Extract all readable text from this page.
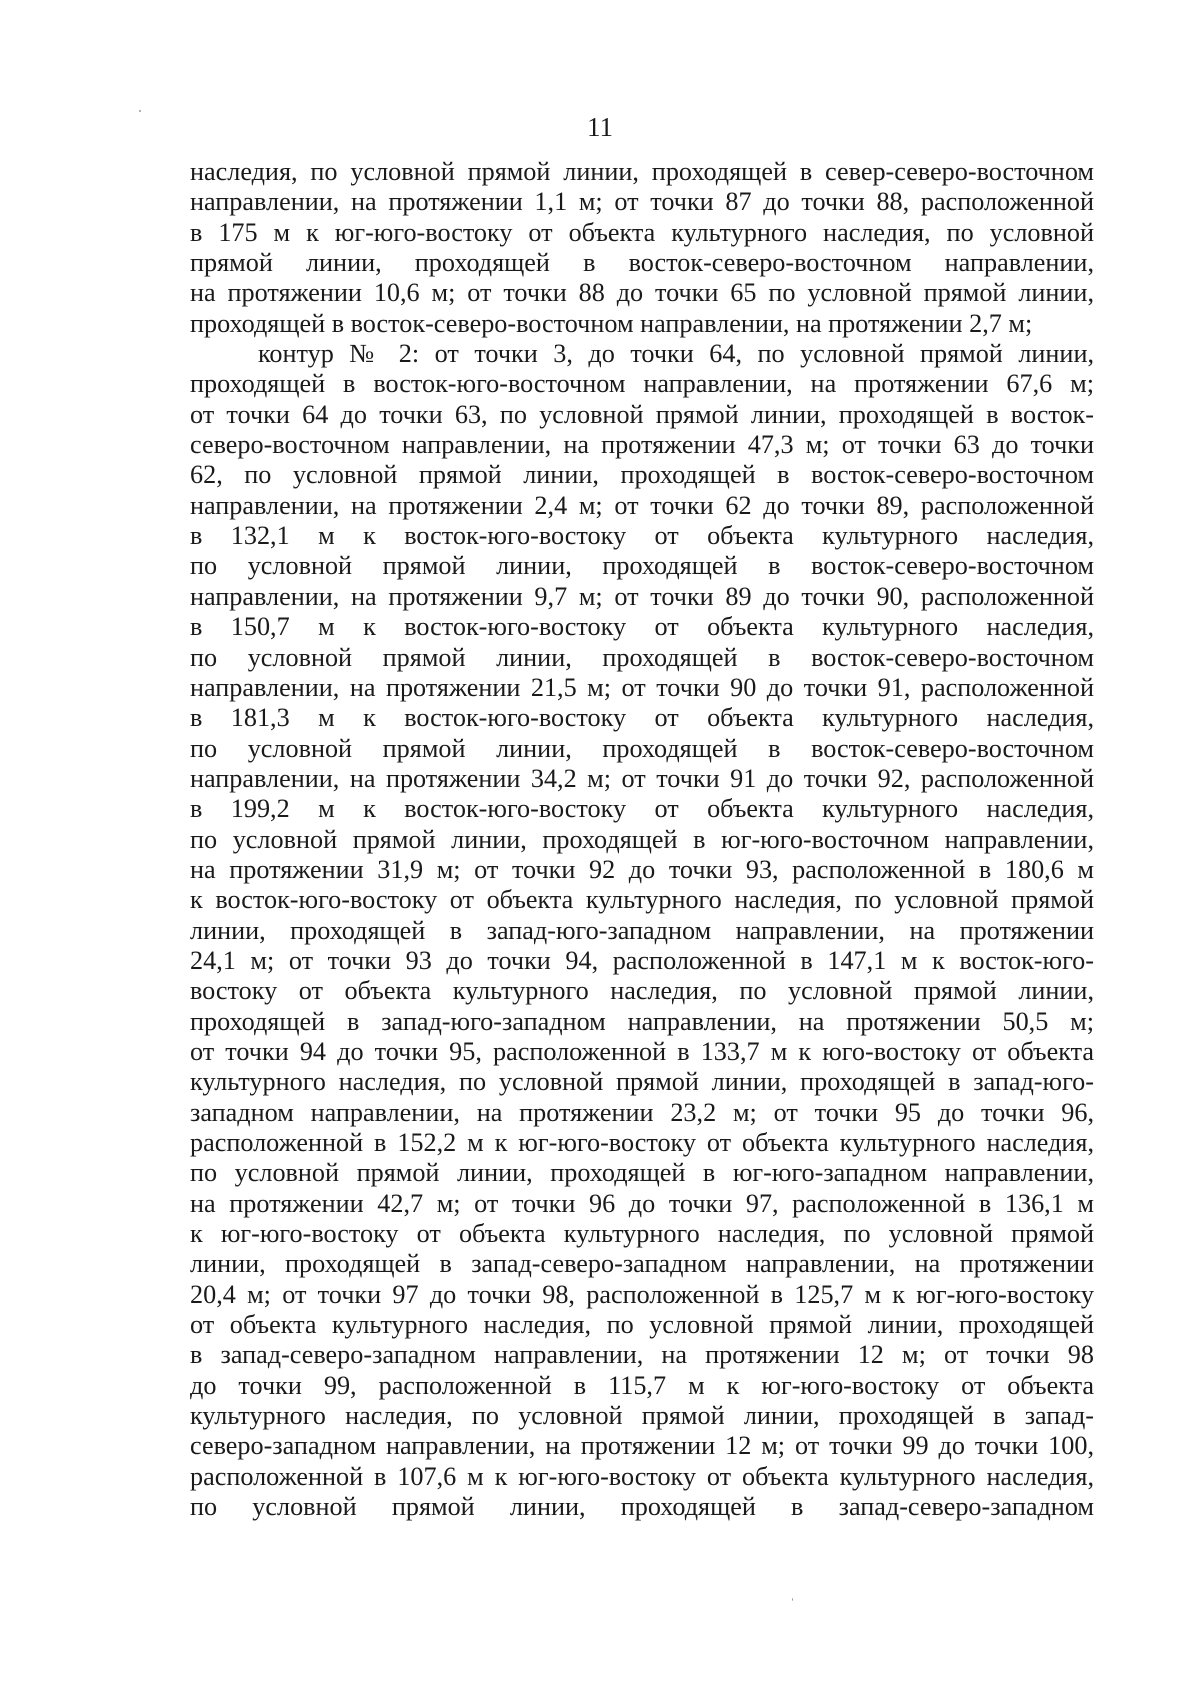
11
наследия, по условной прямой линии, проходящей в север-северо-восточном
направлении, на протяжении 1,1 м; от точки 87 до точки 88, расположенной
в 175 м к юг-юго-востоку от объекта культурного наследия, по условной
прямой линии, проходящей в восток-северо-восточном направлении,
на протяжении 10,6 м; от точки 88 до точки 65 по условной прямой линии,
проходящей в восток-северо-восточном направлении, на протяжении 2,7 м;
контур № 2: от точки 3, до точки 64, по условной прямой линии,
проходящей в восток-юго-восточном направлении, на протяжении 67,6 м;
от точки 64 до точки 63, по условной прямой линии, проходящей в восток-
северо-восточном направлении, на протяжении 47,3 м; от точки 63 до точки
62, по условной прямой линии, проходящей в восток-северо-восточном
направлении, на протяжении 2,4 м; от точки 62 до точки 89, расположенной
в 132,1 м к восток-юго-востоку от объекта культурного наследия,
по условной прямой линии, проходящей в восток-северо-восточном
направлении, на протяжении 9,7 м; от точки 89 до точки 90, расположенной
в 150,7 м к восток-юго-востоку от объекта культурного наследия,
по условной прямой линии, проходящей в восток-северо-восточном
направлении, на протяжении 21,5 м; от точки 90 до точки 91, расположенной
в 181,3 м к восток-юго-востоку от объекта культурного наследия,
по условной прямой линии, проходящей в восток-северо-восточном
направлении, на протяжении 34,2 м; от точки 91 до точки 92, расположенной
в 199,2 м к восток-юго-востоку от объекта культурного наследия,
по условной прямой линии, проходящей в юг-юго-восточном направлении,
на протяжении 31,9 м; от точки 92 до точки 93, расположенной в 180,6 м
к восток-юго-востоку от объекта культурного наследия, по условной прямой
линии, проходящей в запад-юго-западном направлении, на протяжении
24,1 м; от точки 93 до точки 94, расположенной в 147,1 м к восток-юго-
востоку от объекта культурного наследия, по условной прямой линии,
проходящей в запад-юго-западном направлении, на протяжении 50,5 м;
от точки 94 до точки 95, расположенной в 133,7 м к юго-востоку от объекта
культурного наследия, по условной прямой линии, проходящей в запад-юго-
западном направлении, на протяжении 23,2 м; от точки 95 до точки 96,
расположенной в 152,2 м к юг-юго-востоку от объекта культурного наследия,
по условной прямой линии, проходящей в юг-юго-западном направлении,
на протяжении 42,7 м; от точки 96 до точки 97, расположенной в 136,1 м
к юг-юго-востоку от объекта культурного наследия, по условной прямой
линии, проходящей в запад-северо-западном направлении, на протяжении
20,4 м; от точки 97 до точки 98, расположенной в 125,7 м к юг-юго-востоку
от объекта культурного наследия, по условной прямой линии, проходящей
в запад-северо-западном направлении, на протяжении 12 м; от точки 98
до точки 99, расположенной в 115,7 м к юг-юго-востоку от объекта
культурного наследия, по условной прямой линии, проходящей в запад-
северо-западном направлении, на протяжении 12 м; от точки 99 до точки 100,
расположенной в 107,6 м к юг-юго-востоку от объекта культурного наследия,
по условной прямой линии, проходящей в запад-северо-западном
